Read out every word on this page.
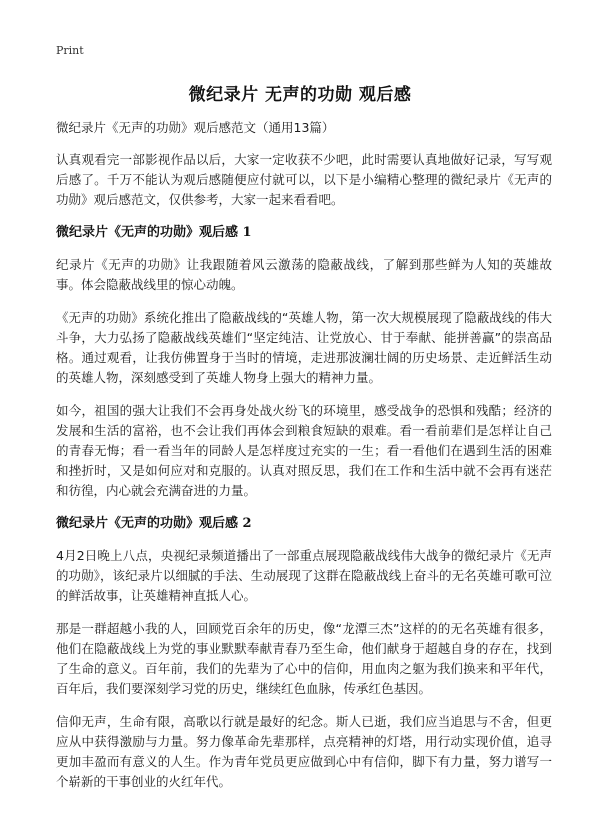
Print
微纪录片 无声的功勋 观后感

微纪录片《无声的功勋》观后感范文（通用13篇）

认真观看完一部影视作品以后，大家一定收获不少吧，此时需要认真地做好记录，写写观后感了。千万不能认为观后感随便应付就可以，以下是小编精心整理的微纪录片《无声的功勋》观后感范文，仅供参考，大家一起来看看吧。

微纪录片《无声的功勋》观后感 1

纪录片《无声的功勋》让我跟随着风云激荡的隐蔽战线，了解到那些鲜为人知的英雄故事。体会隐蔽战线里的惊心动魄。

《无声的功勋》系统化推出了隐蔽战线的“英雄人物，第一次大规模展现了隐蔽战线的伟大斗争，大力弘扬了隐蔽战线英雄们“坚定纯洁、让党放心、甘于奉献、能拼善赢”的崇高品格。通过观看，让我仿佛置身于当时的情境，走进那波澜壮阔的历史场景、走近鲜活生动的英雄人物，深刻感受到了英雄人物身上强大的精神力量。

如今，祖国的强大让我们不会再身处战火纷飞的环境里，感受战争的恐惧和残酷；经济的发展和生活的富裕，也不会让我们再体会到粮食短缺的艰难。看一看前辈们是怎样让自己的青春无悔；看一看当年的同龄人是怎样度过充实的一生；看一看他们在遇到生活的困难和挫折时，又是如何应对和克服的。认真对照反思，我们在工作和生活中就不会再有迷茫和彷徨，内心就会充满奋进的力量。

微纪录片《无声的功勋》观后感 2

4月2日晚上八点，央视纪录频道播出了一部重点展现隐蔽战线伟大战争的微纪录片《无声的功勋》，该纪录片以细腻的手法、生动展现了这群在隐蔽战线上奋斗的无名英雄可歌可泣的鲜活故事，让英雄精神直抵人心。

那是一群超越小我的人，回顾党百余年的历史，像“龙潭三杰”这样的的无名英雄有很多，他们在隐蔽战线上为党的事业默默奉献青春乃至生命，他们献身于超越自身的存在，找到了生命的意义。百年前，我们的先辈为了心中的信仰，用血肉之躯为我们换来和平年代，百年后，我们要深刻学习党的历史，继续红色血脉，传承红色基因。

信仰无声，生命有限，高歌以行就是最好的纪念。斯人已逝，我们应当追思与不舍，但更应从中获得激励与力量。努力像革命先辈那样，点亮精神的灯塔，用行动实现价值，追寻更加丰盈而有意义的人生。作为青年党员更应做到心中有信仰，脚下有力量，努力谱写一个崭新的干事创业的火红年代。
